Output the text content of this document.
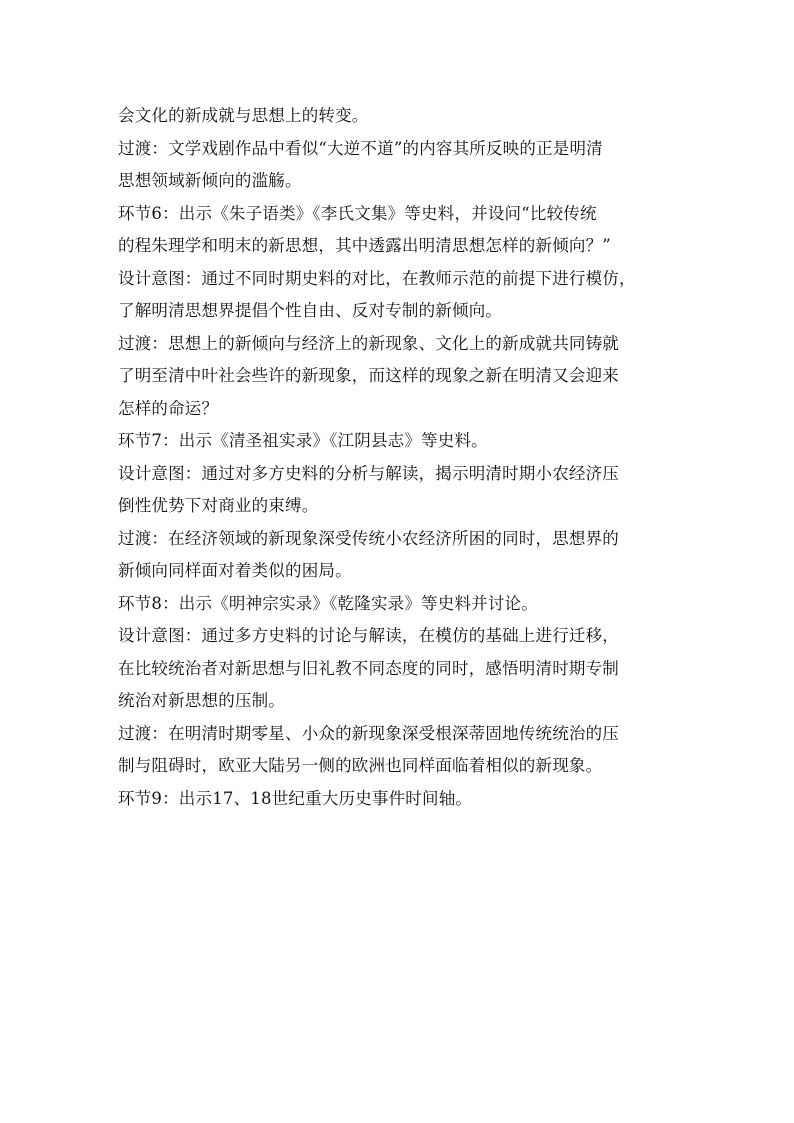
会文化的新成就与思想上的转变。
过渡：文学戏剧作品中看似“大逆不道”的内容其所反映的正是明清
思想领域新倾向的滥觞。
环节6：出示《朱子语类》《李氏文集》等史料，并设问“比较传统
的程朱理学和明末的新思想，其中透露出明清思想怎样的新倾向？”
设计意图：通过不同时期史料的对比，在教师示范的前提下进行模仿，
了解明清思想界提倡个性自由、反对专制的新倾向。
过渡：思想上的新倾向与经济上的新现象、文化上的新成就共同铸就
了明至清中叶社会些许的新现象，而这样的现象之新在明清又会迎来
怎样的命运？
环节7：出示《清圣祖实录》《江阴县志》等史料。
设计意图：通过对多方史料的分析与解读，揭示明清时期小农经济压
倒性优势下对商业的束缚。
过渡：在经济领域的新现象深受传统小农经济所困的同时，思想界的
新倾向同样面对着类似的困局。
环节8：出示《明神宗实录》《乾隆实录》等史料并讨论。
设计意图：通过多方史料的讨论与解读，在模仿的基础上进行迁移，
在比较统治者对新思想与旧礼教不同态度的同时，感悟明清时期专制
统治对新思想的压制。
过渡：在明清时期零星、小众的新现象深受根深蒂固地传统统治的压
制与阻碍时，欧亚大陆另一侧的欧洲也同样面临着相似的新现象。
环节9：出示17、18世纪重大历史事件时间轴。
